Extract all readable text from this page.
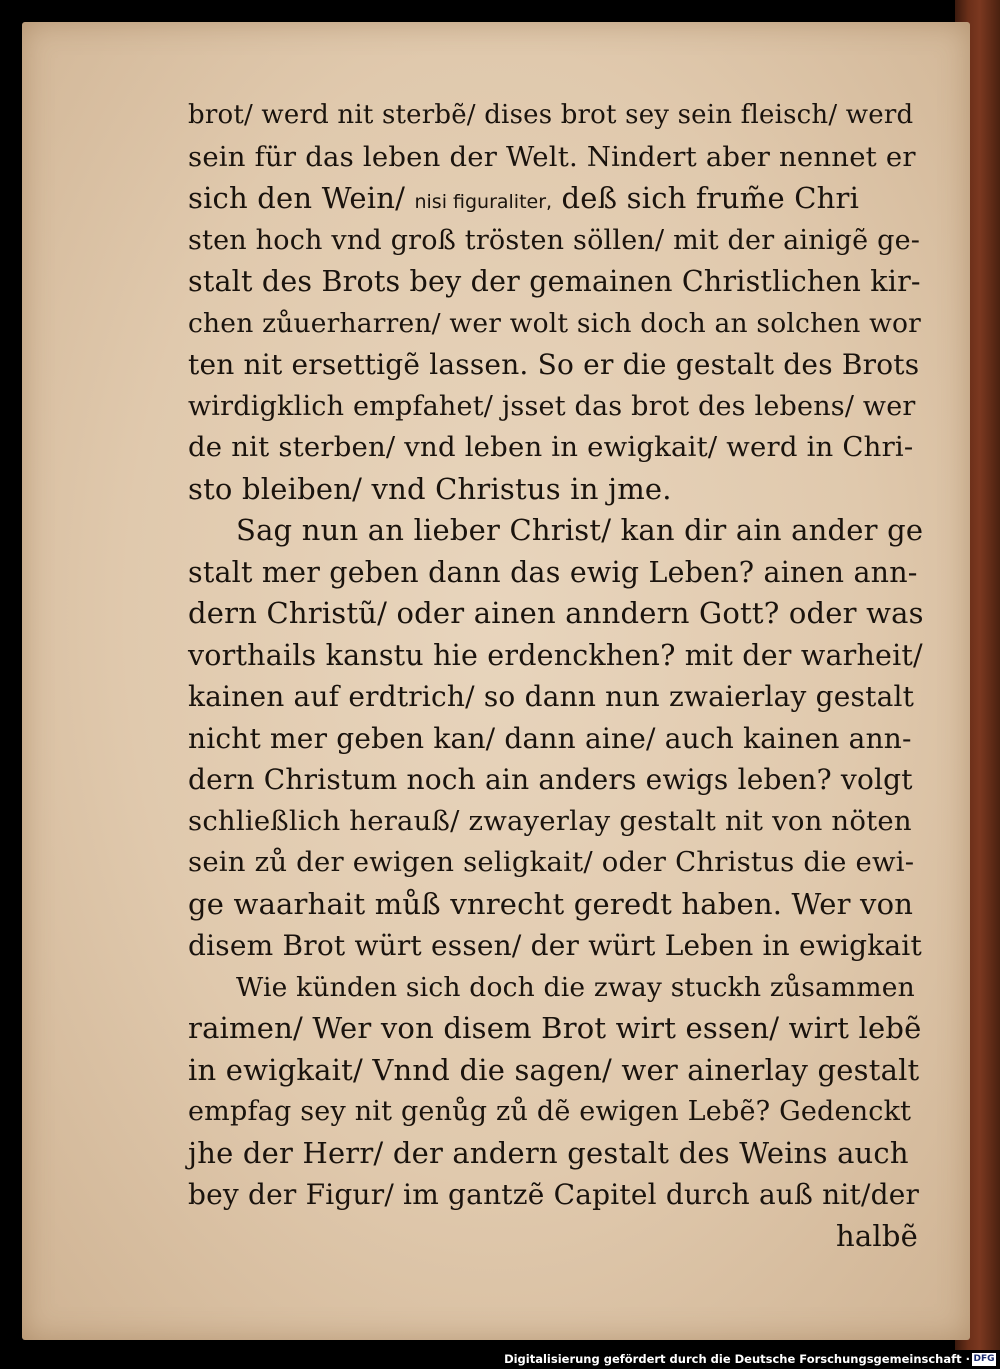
brot/ werd nit sterbẽ/ dises brot sey sein fleisch/ werd
sein für das leben der Welt. Nindert aber nennet er
sich den Wein/ nisi figuraliter, deß sich frum̃e Chri
sten hoch vnd groß trösten söllen/ mit der ainigẽ ge-
stalt des Brots bey der gemainen Christlichen kir-
chen zůuerharren/ wer wolt sich doch an solchen wor
ten nit ersettigẽ lassen. So er die gestalt des Brots
wirdigklich empfahet/ jsset das brot des lebens/ wer
de nit sterben/ vnd leben in ewigkait/ werd in Chri-
sto bleiben/ vnd Christus in jme.
Sag nun an lieber Christ/ kan dir ain ander ge
stalt mer geben dann das ewig Leben? ainen ann-
dern Christũ/ oder ainen anndern Gott? oder was
vorthails kanstu hie erdenckhen? mit der warheit/
kainen auf erdtrich/ so dann nun zwaierlay gestalt
nicht mer geben kan/ dann aine/ auch kainen ann-
dern Christum noch ain anders ewigs leben? volgt
schließlich herauß/ zwayerlay gestalt nit von nöten
sein zů der ewigen seligkait/ oder Christus die ewi-
ge waarhait můß vnrecht geredt haben. Wer von
disem Brot würt essen/ der würt Leben in ewigkait
Wie künden sich doch die zway stuckh zůsammen
raimen/ Wer von disem Brot wirt essen/ wirt lebẽ
in ewigkait/ Vnnd die sagen/ wer ainerlay gestalt
empfag sey nit genůg zů dẽ ewigen Lebẽ? Gedenckt
jhe der Herr/ der andern gestalt des Weins auch
bey der Figur/ im gantzẽ Capitel durch auß nit/der
halbẽ
Digitalisierung gefördert durch die Deutsche Forschungsgemeinschaft · DFG
